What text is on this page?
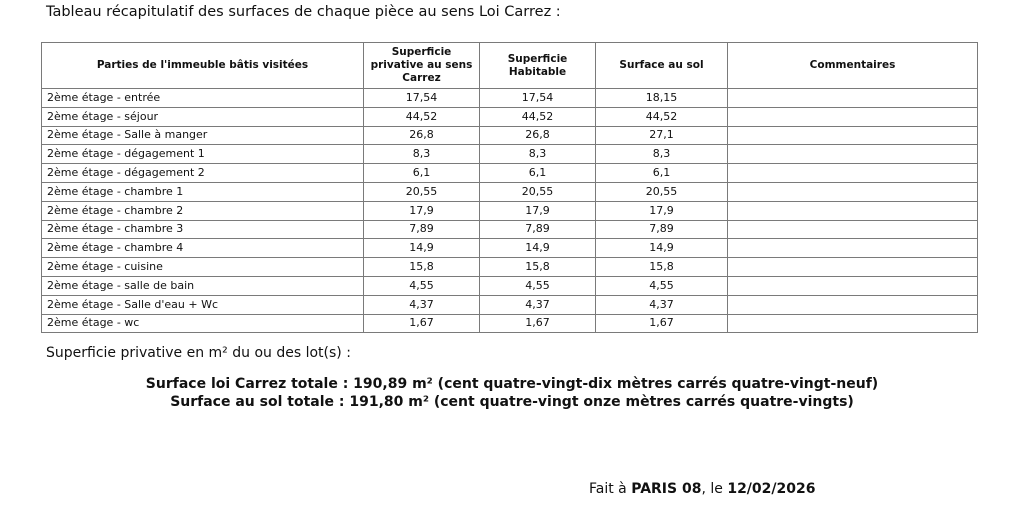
Tableau récapitulatif des surfaces de chaque pièce au sens Loi Carrez :
Parties de l'immeuble bâtis visitées	Superficie privative au sens Carrez	Superficie Habitable	Surface au sol	Commentaires
2ème étage - entrée	17,54	17,54	18,15	
2ème étage - séjour	44,52	44,52	44,52	
2ème étage - Salle à manger	26,8	26,8	27,1	
2ème étage - dégagement 1	8,3	8,3	8,3	
2ème étage - dégagement 2	6,1	6,1	6,1	
2ème étage - chambre 1	20,55	20,55	20,55	
2ème étage - chambre 2	17,9	17,9	17,9	
2ème étage - chambre 3	7,89	7,89	7,89	
2ème étage - chambre 4	14,9	14,9	14,9	
2ème étage - cuisine	15,8	15,8	15,8	
2ème étage - salle de bain	4,55	4,55	4,55	
2ème étage - Salle d'eau + Wc	4,37	4,37	4,37	
2ème étage - wc	1,67	1,67	1,67	
Superficie privative en m² du ou des lot(s) :
Surface loi Carrez totale : 190,89 m² (cent quatre-vingt-dix mètres carrés quatre-vingt-neuf)
Surface au sol totale : 191,80 m² (cent quatre-vingt onze mètres carrés quatre-vingts)
Fait à PARIS 08, le 12/02/2026
